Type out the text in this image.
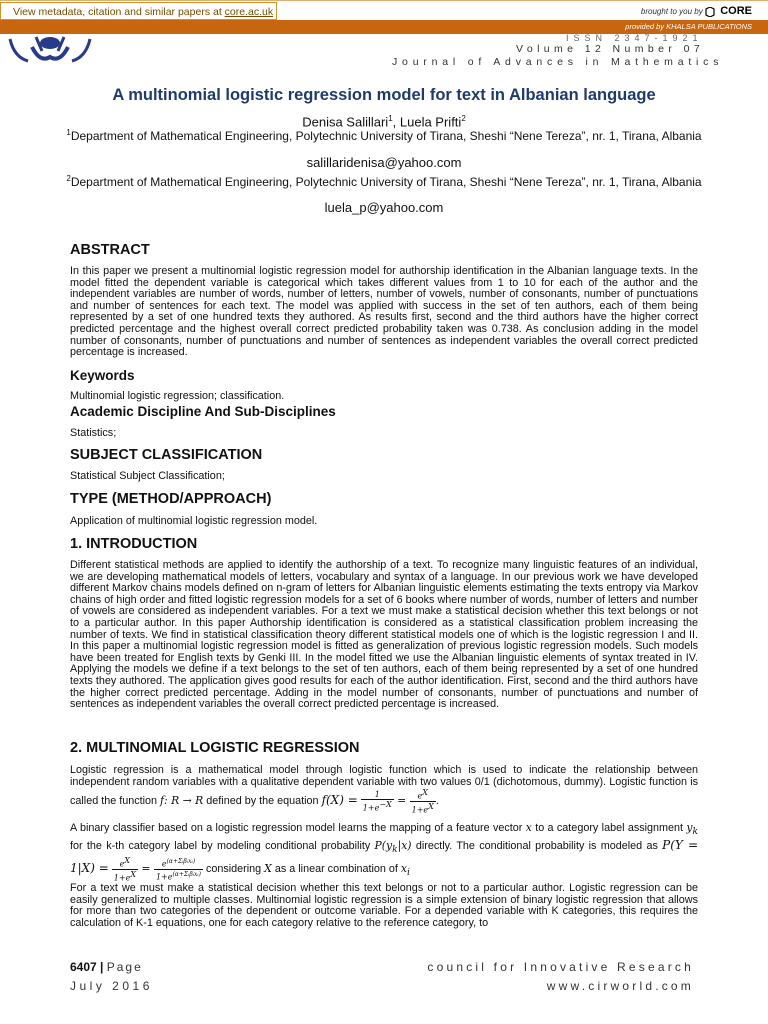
View metadata, citation and similar papers at core.ac.uk	brought to you by CORE
provided by KHALSA PUBLICATIONS
ISSN 2347-1921
Volume 12 Number 07
Journal of Advances in Mathematics
A multinomial logistic regression model for text in Albanian language
Denisa Salillari$^1$, Luela Prifti$^2$
$^1$Department of Mathematical Engineering, Polytechnic University of Tirana, Sheshi “Nene Tereza”, nr. 1, Tirana, Albania
salillaridenisa@yahoo.com
$^2$Department of Mathematical Engineering, Polytechnic University of Tirana, Sheshi “Nene Tereza”, nr. 1, Tirana, Albania
luela_p@yahoo.com
ABSTRACT

In this paper we present a multinomial logistic regression model for authorship identification in the Albanian language texts. In the model fitted the dependent variable is categorical which takes different values from 1 to 10 for each of the author and the independent variables are number of words, number of letters, number of vowels, number of consonants, number of punctuations and number of sentences for each text. The model was applied with success in the set of ten authors, each of them being represented by a set of one hundred texts they authored. As results first, second and the third authors have the higher correct predicted percentage and the highest overall correct predicted probability taken was 0.738. As conclusion adding in the model number of consonants, number of punctuations and number of sentences as independent variables the overall correct predicted percentage is increased.

Keywords

Multinomial logistic regression; classification.

Academic Discipline And Sub-Disciplines

Statistics;

SUBJECT CLASSIFICATION

Statistical Subject Classification;

TYPE (METHOD/APPROACH)

Application of multinomial logistic regression model.

1. INTRODUCTION

Different statistical methods are applied to identify the authorship of a text. To recognize many linguistic features of an individual, we are developing mathematical models of letters, vocabulary and syntax of a language. In our previous work we have developed different Markov chains models defined on n-gram of letters for Albanian linguistic elements estimating the texts entropy via Markov chains of high order and fitted logistic regression models for a set of 6 books where number of words, number of letters and number of vowels are considered as independent variables. For a text we must make a statistical decision whether this text belongs or not to a particular author. In this paper Authorship identification is considered as a statistical classification problem increasing the number of texts. We find in statistical classification theory different statistical models one of which is the logistic regression I and II. In this paper a multinomial logistic regression model is fitted as generalization of previous logistic regression models. Such models have been treated for English texts by Genki III. In the model fitted we use the Albanian linguistic elements of syntax treated in IV. Applying the models we define if a text belongs to the set of ten authors, each of them being represented by a set of one hundred texts they authored. The application gives good results for each of the author identification. First, second and the third authors have the higher correct predicted percentage. Adding in the model number of consonants, number of punctuations and number of sentences as independent variables the overall correct predicted percentage is increased.

2. MULTINOMIAL LOGISTIC REGRESSION

Logistic regression is a mathematical model through logistic function which is used to indicate the relationship between independent random variables with a qualitative dependent variable with two values 0/1 (dichotomous, dummy). Logistic function is called the function f: R → R defined by the equation $f(X) = \frac{1}{1+e^{-X}} = \frac{e^X}{1+e^X}$ .

A binary classifier based on a logistic regression model learns the mapping of a feature vector x to a category label assignment $y_k$ for the k-th category label by modeling conditional probability $P(y_k|x)$ directly. The conditional probability is modeled as $P(Y = 1|X) = \frac{e^X}{1+e^X} = \frac{e^{(\alpha+\Sigma ᵢ\beta ᵢxᵢ)}}{1+e^{(\alpha+\Sigma ᵢ\beta ᵢxᵢ)}}$ considering X as a linear combination of $x_i$

For a text we must make a statistical decision whether this text belongs or not to a particular author. Logistic regression can be easily generalized to multiple classes. Multinomial logistic regression is a simple extension of binary logistic regression that allows for more than two categories of the dependent or outcome variable. For a depended variable with K categories, this requires the calculation of K-1 equations, one for each category relative to the reference category, to

6407 | Page
July 2016
council for Innovative Research
www.cirworld.com
